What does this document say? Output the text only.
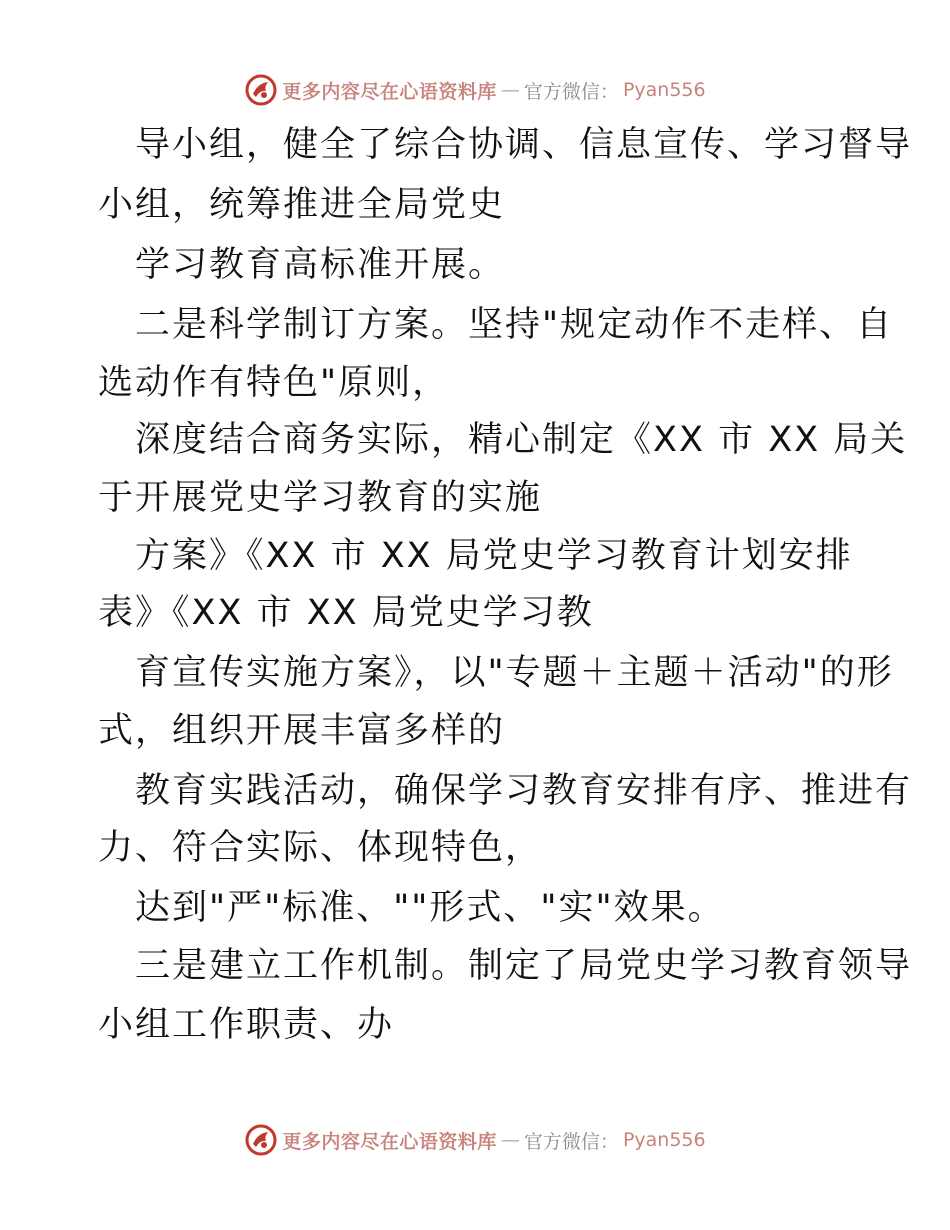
更多内容尽在心语资料库 — 官方微信： Pyan556
导小组，健全了综合协调、信息宣传、学习督导
小组，统筹推进全局党史
学习教育高标准开展。
二是科学制订方案。坚持"规定动作不走样、自
选动作有特色"原则，
深度结合商务实际，精心制定《XX 市 XX 局关
于开展党史学习教育的实施
方案》《XX 市 XX 局党史学习教育计划安排
表》《XX 市 XX 局党史学习教
育宣传实施方案》，以"专题＋主题＋活动"的形
式，组织开展丰富多样的
教育实践活动，确保学习教育安排有序、推进有
力、符合实际、体现特色，
达到"严"标准、""形式、"实"效果。
三是建立工作机制。制定了局党史学习教育领导
小组工作职责、办
更多内容尽在心语资料库 — 官方微信： Pyan556
